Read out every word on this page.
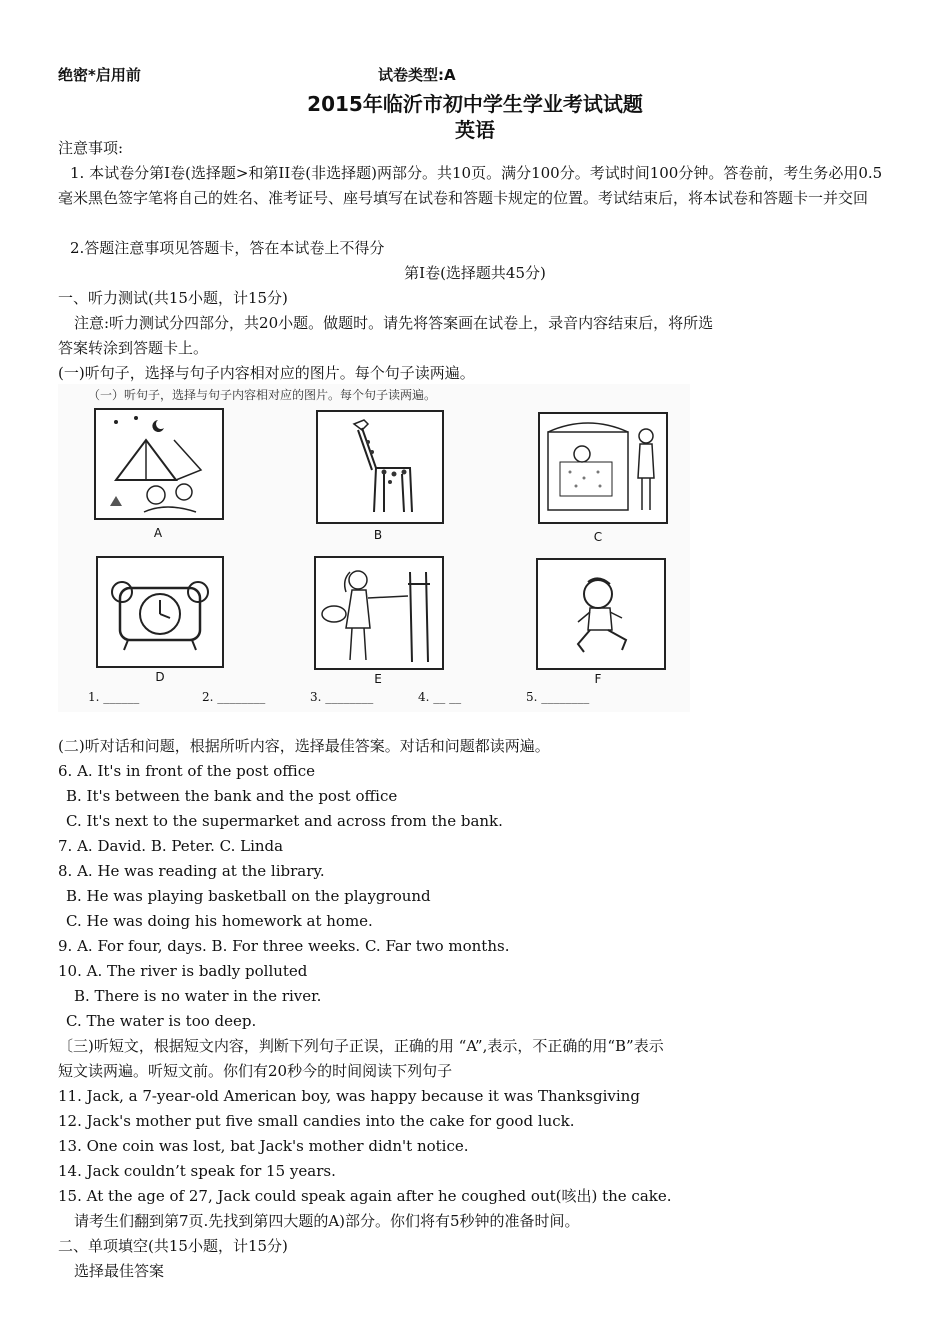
绝密*启用前	试卷类型:A
2015年临沂市初中学生学业考试试题
英语
注意事项:
1. 本试卷分第I卷(选择题>和第II卷(非选择题)两部分。共10页。满分100分。考试时间100分钟。答卷前，考生务必用0.5毫米黑色签字笔将自己的姓名、准考证号、座号填写在试卷和答题卡规定的位置。考试结束后，将本试卷和答题卡一并交回
2.答题注意事项见答题卡，答在本试卷上不得分
第I卷(选择题共45分)
一、听力测试(共15小题，计15分)
注意:听力测试分四部分，共20小题。做题时。请先将答案画在试卷上，录音内容结束后，将所选答案转涂到答题卡上。
(一)听句子，选择与句子内容相对应的图片。每个句子读两遍。
（一）听句子，选择与句子内容相对应的图片。每个句子读两遍。
A	B	C
D	E	F
1. ______	2. ________	3. ________	4. __ __	5. ________
(二)听对话和问题，根据所听内容，选择最佳答案。对话和问题都读两遍。
6. A. It's in front of the post office
B. It's between the bank and the post office
C. It's next to the supermarket and across from the bank.
7. A. David. B. Peter. C. Linda
8. A. He was reading at the library.
B. He was playing basketball on the playground
C. He was doing his homework at home.
9. A. For four, days. B. For three weeks. C. Far two months.
10. A. The river is badly polluted
B. There is no water in the river.
C. The water is too deep.
〔三)听短文，根据短文内容，判断下列句子正误，正确的用 “A”,表示，不正确的用“B”表示
短文读两遍。听短文前。你们有20秒今的时间阅读下列句子
11. Jack, a 7-year-old American boy, was happy because it was Thanksgiving
12. Jack's mother put five small candies into the cake for good luck.
13. One coin was lost, bat Jack's mother didn't notice.
14. Jack couldn’t speak for 15 years.
15. At the age of 27, Jack could speak again after he coughed out(咳出) the cake.
请考生们翻到第7页.先找到第四大题的A)部分。你们将有5秒钟的准备时间。
二、单项填空(共15小题，计15分)
选择最佳答案
